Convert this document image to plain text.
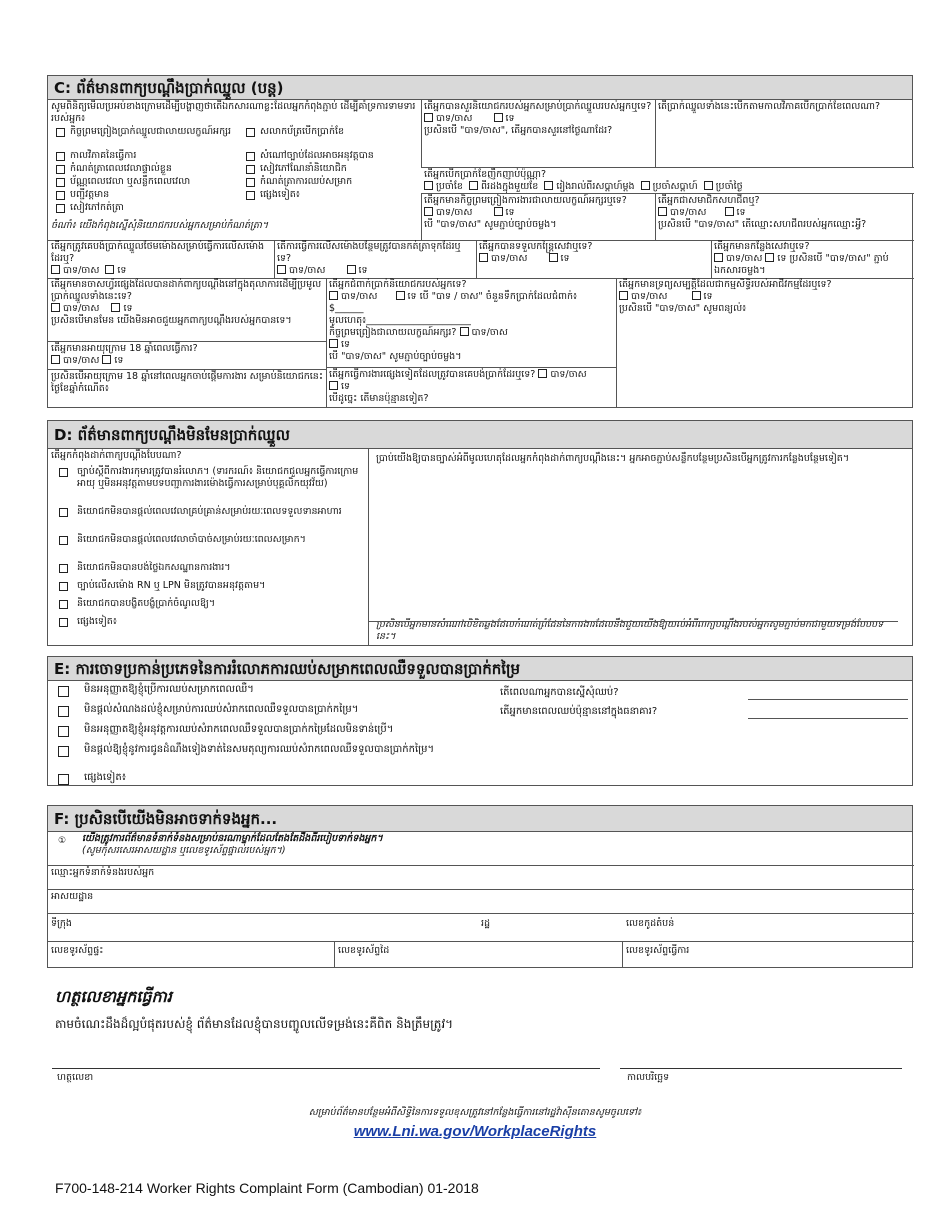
C: ព័ត៌មានពាក្យបណ្ដឹងប្រាក់ឈ្នួល (បន្ត)
សូមពិនិត្យមើលប្រអប់ខាងក្រោមដើម្បីបង្ហាញថាតើឯកសារណាខ្លះដែលអ្នកកំពុងភ្ជាប់ ដើម្បីគាំទ្រការទាមទាររបស់អ្នក៖
កិច្ចព្រមព្រៀងប្រាក់ឈ្នួលជាលាយលក្ខណ៍អក្សរ
កាលវិភាគនៃធ្វើការ
កំណត់ត្រាពេលវេលាផ្ទាល់ខ្លួន
ប័ណ្ណពេលវេលា ឬសន្លឹកពេលវេលា
បញ្ជីវត្តមាន
សៀវភៅកត់ត្រា
សលាកប័ត្របើកប្រាក់ខែ
សំណៅច្បាប់ដែលអាចអនុវត្តបាន
សៀវភៅណែនាំនិយោជិក
កំណត់ត្រាការឈប់សម្រាក
ផ្សេងទៀត៖
ចំណាំ៖ យើងកំពុងស្នើសុំនិយោជករបស់អ្នកសម្រាប់កំណត់ត្រា។
តើអ្នកបានសួរនិយោជករបស់អ្នកសម្រាប់ប្រាក់ឈ្នួលរបស់អ្នកឬទេ?
បាទ/ចាស	ទេ
ប្រសិនបើ "បាទ/ចាស", តើអ្នកបានសួរនៅថ្ងៃណាដែរ?
តើប្រាក់ឈ្នួលទាំងនេះបើកតាមកាលវិភាគបើកប្រាក់ខែពេលណា?
តើអ្នកបើកប្រាក់ខែញឹកញាប់ប៉ុណ្ណា?
ប្រចាំខែ ពីរដងក្នុងមួយខែ រៀងរាល់ពីរសប្ដាហ៍ម្ដង ប្រចាំសប្តាហ៍ ប្រចាំថ្ងៃ
តើអ្នកមានកិច្ចព្រមព្រៀងការងារជាលាយលក្ខណ៍អក្សរឬទេ?
បាទ/ចាស	ទេ
បើ "បាទ/ចាស" សូមភ្ជាប់ច្បាប់ចម្លង។
តើអ្នកជាសមាជិកសហជីពឬ?
បាទ/ចាស	ទេ
ប្រសិនបើ "បាទ/ចាស" តើឈ្មោះសហជីពរបស់អ្នកឈ្មោះអ្វី?
តើអ្នកត្រូវគេបង់ប្រាក់ឈ្នួលថែមម៉ោងសម្រាប់ធ្វើការលើសម៉ោងដែរឬ?
បាទ/ចាស ទេ
តើការធ្វើការលើសម៉ោងបន្ថែមត្រូវបានកត់ត្រាទុកដែរឬទេ?
បាទ/ចាស	ទេ
តើអ្នកបានទទួលកន្រ្តៃសេវាឬទេ?
បាទ/ចាស	ទេ
តើអ្នកមានកន្លែងសេវាឬទេ?
បាទ/ចាស ទេ ប្រសិនបើ "បាទ/ចាស" ភ្ជាប់ឯកសារចម្លង។
តើអ្នកមានចាសហ្វ័រផ្សេងដែលបានដាក់ពាក្យបណ្ដឹងនៅក្នុងតុលាការដើម្បីប្រមូលប្រាក់ឈ្នួលទាំងនេះទេ?
បាទ/ចាស	ទេ
ប្រសិនបើមានមែន យើងមិនអាចជួយអ្នកពាក្យបណ្ដឹងរបស់អ្នកបានទេ។
តើអ្នកមានអាយុក្រោម 18 ឆ្នាំពេលធ្វើការ?
បាទ/ចាស ទេ
ប្រសិនបើអាយុក្រោម 18 ឆ្នាំនៅពេលអ្នកចាប់ផ្ដើមការងារ សម្រាប់និយោជកនេះថ្ងៃខែឆ្នាំកំណើត៖
តើអ្នកជំពាក់ប្រាក់និយោជករបស់អ្នកទេ?
បាទ/ចាស	ទេ បើ "បាទ / ចាស" ចំនួនទឹកប្រាក់ដែលជំពាក់៖ $______
មូលហេតុ៖______________________
កិច្ចព្រមព្រៀងជាលាយលក្ខណ៍អក្សរ? បាទ/ចាស
ទេ
បើ "បាទ/ចាស" សូមភ្ជាប់ច្បាប់ចម្លង។
តើអ្នកធ្វើការងារផ្សេងទៀតដែលត្រូវបានគេបង់ប្រាក់ដែរឬទេ? បាទ/ចាស
ទេ
បើដូច្នេះ តើមានប៉ុន្មានទៀត?
តើអ្នកមានទ្រព្យសម្បត្តិដែលជាកម្មសិទ្ធិរបស់អាជីវកម្មដែរឬទេ?
បាទ/ចាស	ទេ
ប្រសិនបើ "បាទ/ចាស" សូមពន្យល់៖
D: ព័ត៌មានពាក្យបណ្ដឹងមិនមែនប្រាក់ឈ្នួល
តើអ្នកកំពុងដាក់ពាក្យបណ្ដឹងបែបណា?
ច្បាប់ស្ដីពីការងារកុមារត្រូវបានរំលោភ។ (ទារករណ៍៖ និយោជកជួលអ្នកធ្វើការក្រោមអាយុ ឬមិនអនុវត្តតាមបទបញ្ជាការងារម៉ោងធ្វើការសម្រាប់បុគ្គលិកយុវវ័យ)
និយោជកមិនបានផ្ដល់ពេលវេលាគ្រប់គ្រាន់សម្រាប់រយៈពេលទទួលទានអាហារ
និយោជកមិនបានផ្ដល់ពេលវេលាចាំបាច់សម្រាប់រយៈពេលសម្រាក។
និយោជកមិនបានបង់ថ្លៃឯកសណ្ឋានការងារ។
ច្បាប់លើសម៉ោង RN ឬ LPN មិនត្រូវបានអនុវត្តតាម។
និយោជកបានបង្ខិតបង្ខំប្រាក់ចំណូលឱ្យ។
ផ្សេងទៀត៖
ប្រាប់យើងឱ្យបានច្បាស់អំពីមូលហេតុដែលអ្នកកំពុងដាក់ពាក្យបណ្ដឹងនេះ។ អ្នកអាចភ្ជាប់សន្លឹកបន្ថែមប្រសិនបើអ្នកត្រូវការកន្លែងបន្ថែមទៀត។
ប្រសិនបើអ្នកមានសំណៅលិខិតឆ្លងដែលកំណត់ព្រំដែននៃការងារដែលនឹងជួយយើងឱ្យយល់អំពីពាក្យបណ្ដឹងរបស់អ្នកសូមភ្ជាប់មកជាមួយទម្រង់បែបបទនេះ។
E: ការចោទប្រកាន់ប្រភេទនៃការរំលោភការឈប់សម្រាកពេលឈឺទទួលបានប្រាក់កម្រៃ
មិនអនុញ្ញាតឱ្យខ្ញុំប្រើការឈប់សម្រាកពេលឈឺ។
មិនផ្ដល់សំណងដល់ខ្ញុំសម្រាប់ការឈប់សំរាកពេលឈឺទទួលបានប្រាក់កម្រៃ។
មិនអនុញ្ញាតឱ្យខ្ញុំអនុវត្តការឈប់សំរាកពេលឈឺទទួលបានប្រាក់កម្រៃដែលមិនទាន់ប្រើ។
មិនផ្ដល់ឱ្យខ្ញុំនូវការជូនដំណឹងទៀងទាត់នៃសមតុល្យការឈប់សំរាកពេលឈឺទទួលបានប្រាក់កម្រៃ។
ផ្សេងទៀត៖
តើពេលណាអ្នកបានស្នើសុំឈប់?
តើអ្នកមានពេលឈប់ប៉ុន្មាននៅក្នុងធនាគារ?
F: ប្រសិនបើយើងមិនអាចទាក់ទងអ្នក...
①	យើងត្រូវការព័ត៌មានទំនាក់ទំនងសម្រាប់នរណាម្នាក់ដែលតែងតែដឹងពីរបៀបទាក់ទងអ្នក។
(សូមកុំសរសេរអាសយដ្ឋាន ឬលេខទូរស័ព្ទផ្ទាល់របស់អ្នក។)
ឈ្មោះអ្នកទំនាក់ទំនងរបស់អ្នក
អាសយដ្ឋាន
ទីក្រុង	រដ្ឋ	លេខកូដតំបន់
លេខទូរស័ព្ទផ្ទះ	លេខទូរស័ព្ទដៃ	លេខទូរស័ព្ទធ្វើការ
ហត្ថលេខាអ្នកធ្វើការ
តាមចំណេះដឹងដ៏ល្អបំផុតរបស់ខ្ញុំ ព័ត៌មានដែលខ្ញុំបានបញ្ចូលលើទម្រង់នេះគឺពិត និងត្រឹមត្រូវ។
ហត្ថលេខា	កាលបរិច្ឆេទ
សម្រាប់ព័ត៌មានបន្ថែមអំពីសិទ្ធិនៃការទទួលខុសត្រូវនៅកន្លែងធ្វើការនៅរដ្ឋវ៉ាស៊ីនតោនសូមចូលទៅ៖
www.Lni.wa.gov/WorkplaceRights
F700-148-214 Worker Rights Complaint Form (Cambodian) 01-2018
